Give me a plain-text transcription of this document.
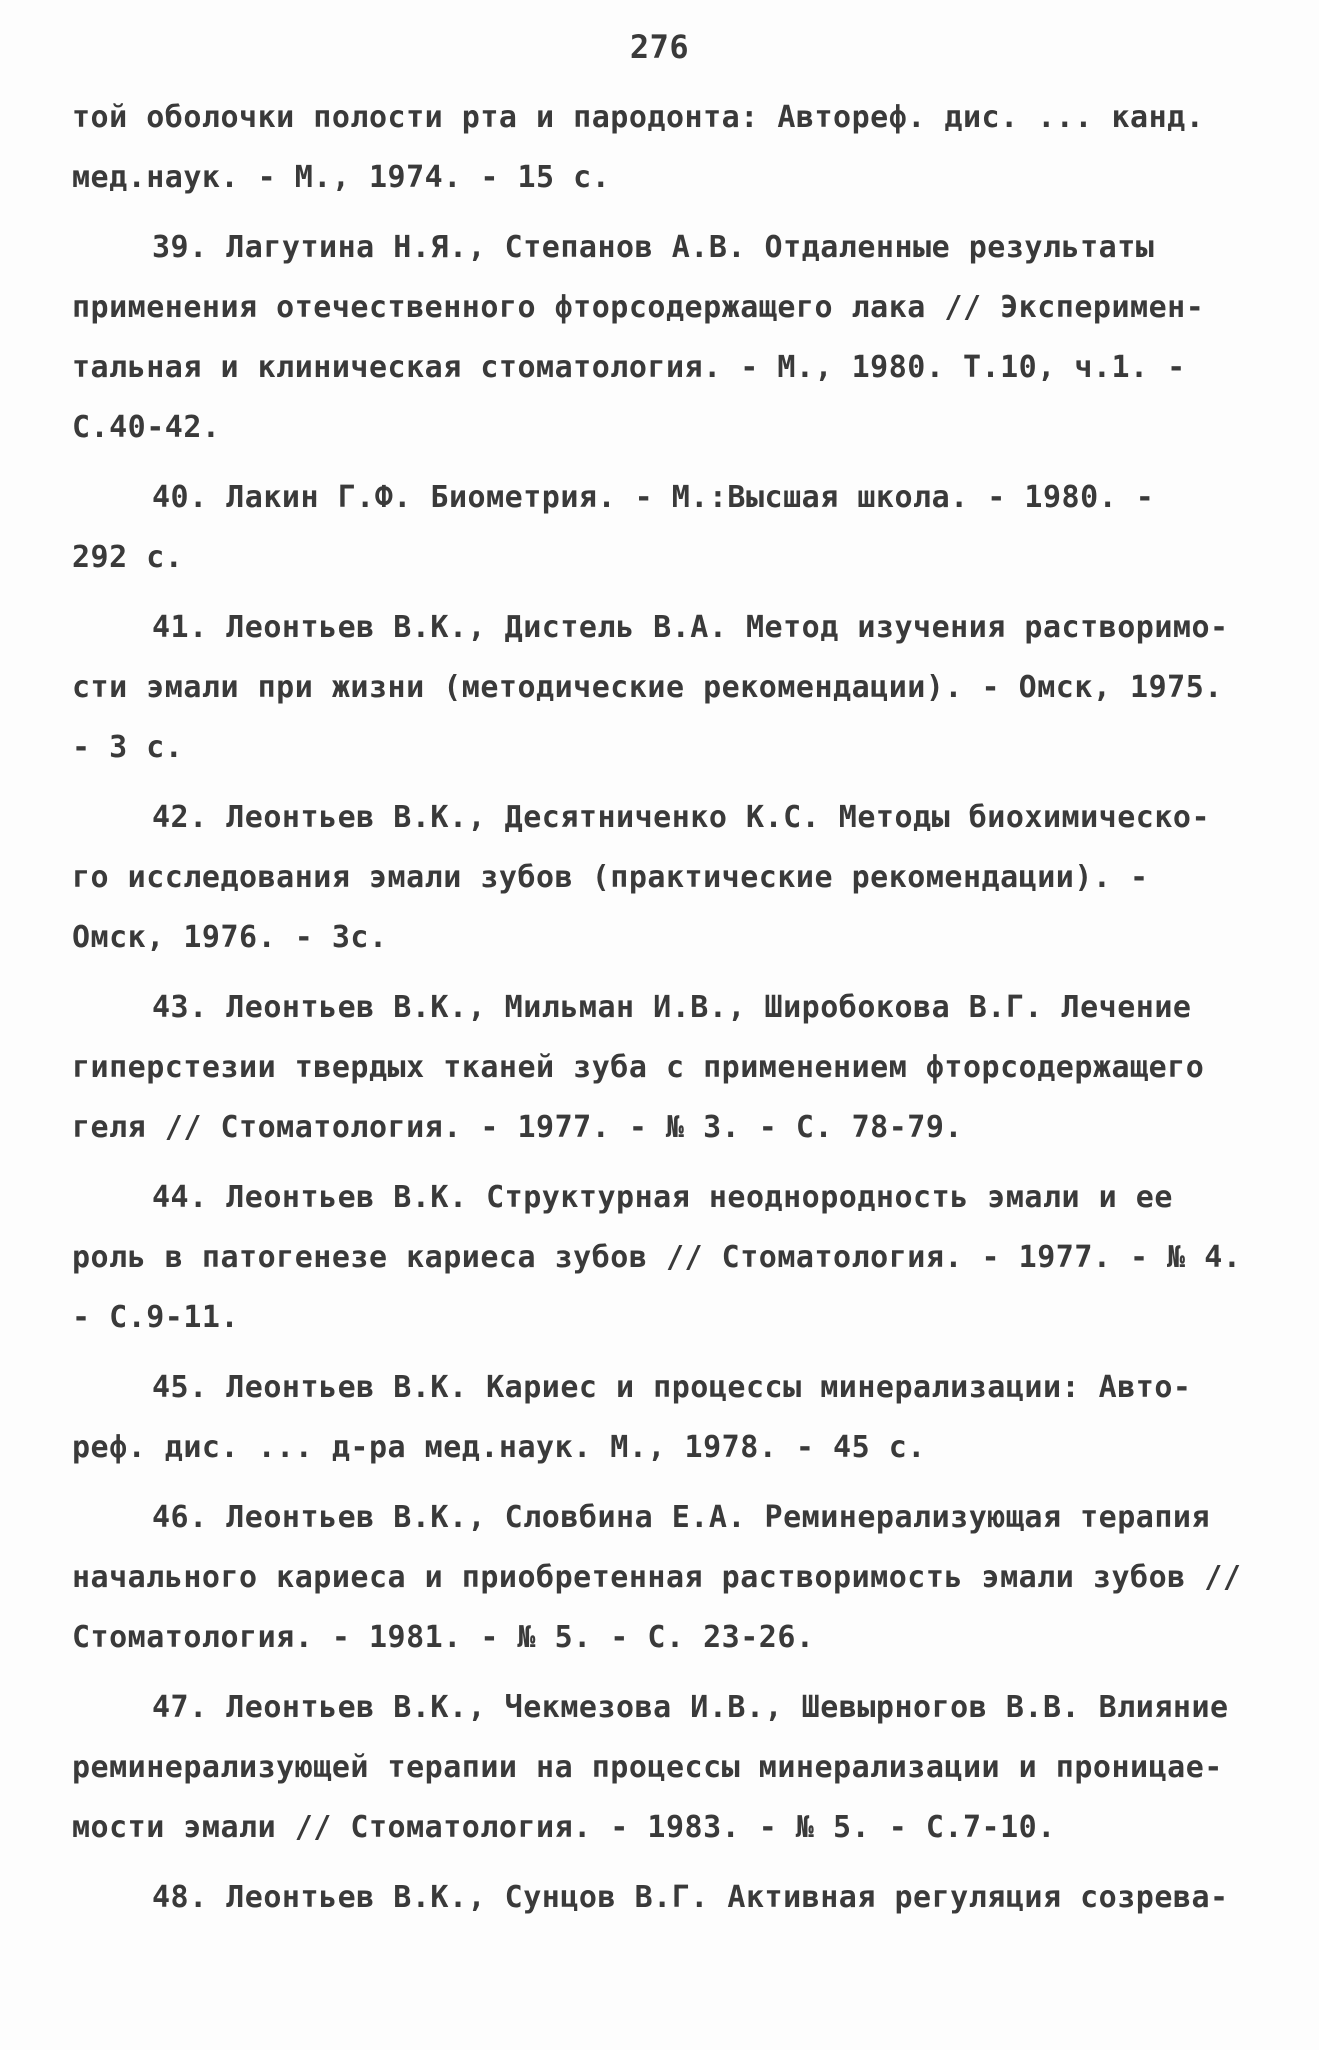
276
той оболочки полости рта и пародонта: Автореф. дис. ... канд.
мед.наук. - М., 1974. - 15 с.
39. Лагутина Н.Я., Степанов А.В. Отдаленные результаты
применения отечественного фторсодержащего лака // Эксперимен-
тальная и клиническая стоматология. - М., 1980. Т.10, ч.1. -
С.40-42.
40. Лакин Г.Ф. Биометрия. - М.:Высшая школа. - 1980. -
292 с.
41. Леонтьев В.К., Дистель В.А. Метод изучения растворимо-
сти эмали при жизни (методические рекомендации). - Омск, 1975.
- 3 с.
42. Леонтьев В.К., Десятниченко К.С. Методы биохимическо-
го исследования эмали зубов (практические рекомендации). -
Омск, 1976. - 3с.
43. Леонтьев В.К., Мильман И.В., Широбокова В.Г. Лечение
гиперстезии твердых тканей зуба с применением фторсодержащего
геля // Стоматология. - 1977. - № 3. - С. 78-79.
44. Леонтьев В.К. Структурная неоднородность эмали и ее
роль в патогенезе кариеса зубов // Стоматология. - 1977. - № 4.
- С.9-11.
45. Леонтьев В.К. Кариес и процессы минерализации: Авто-
реф. дис. ... д-ра мед.наук. М., 1978. - 45 с.
46. Леонтьев В.К., Словбина Е.А. Реминерализующая терапия
начального кариеса и приобретенная растворимость эмали зубов //
Стоматология. - 1981. - № 5. - С. 23-26.
47. Леонтьев В.К., Чекмезова И.В., Шевырногов В.В. Влияние
реминерализующей терапии на процессы минерализации и проницае-
мости эмали // Стоматология. - 1983. - № 5. - С.7-10.
48. Леонтьев В.К., Сунцов В.Г. Активная регуляция созрева-
